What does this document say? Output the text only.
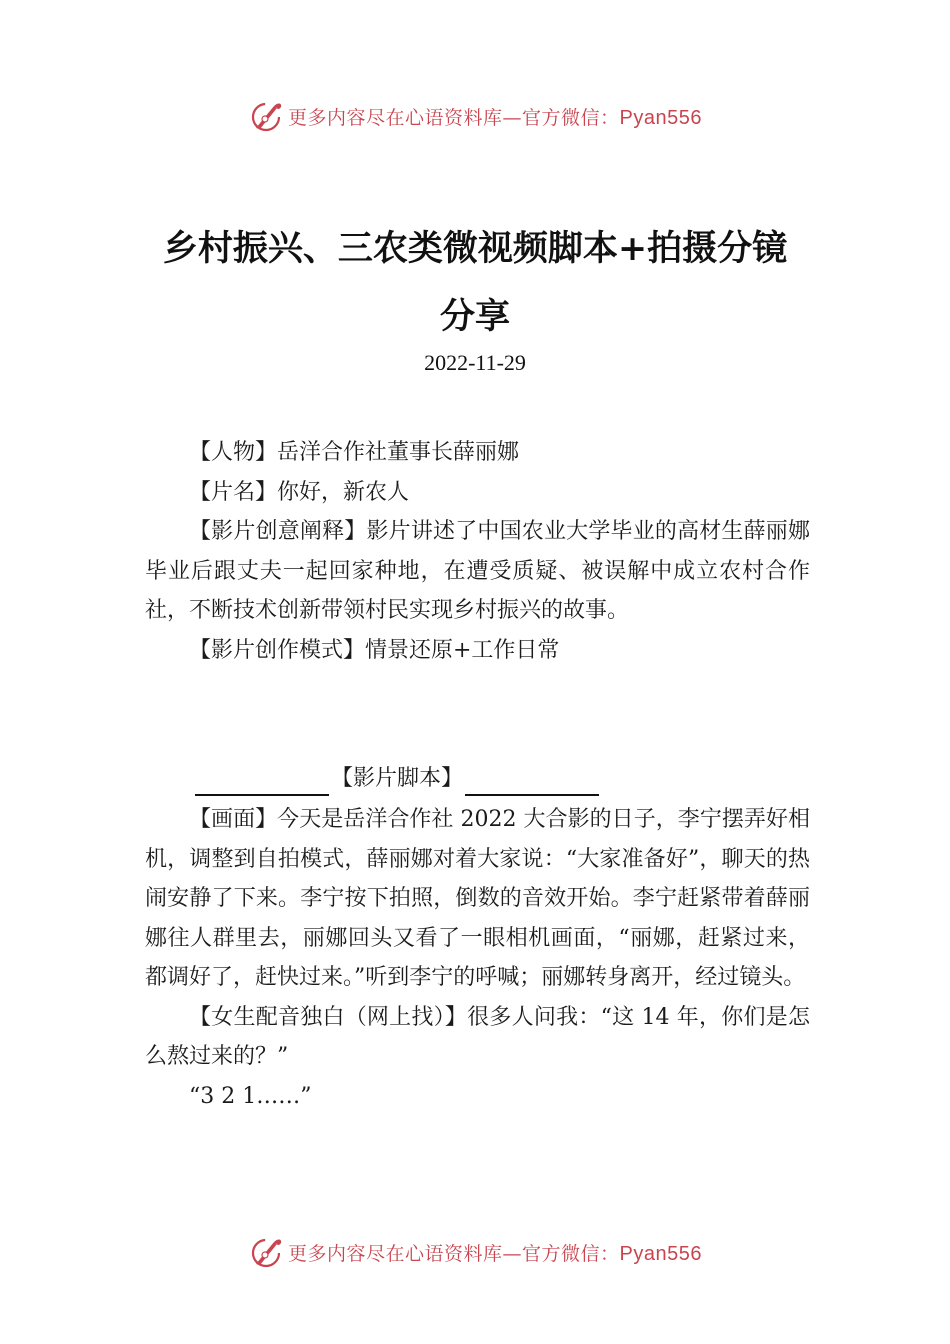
更多内容尽在心语资料库—官方微信：Pyan556
乡村振兴、三农类微视频脚本+拍摄分镜分享
2022-11-29

【人物】岳洋合作社董事长薛丽娜

【片名】你好，新农人

【影片创意阐释】影片讲述了中国农业大学毕业的高材生薛丽娜毕业后跟丈夫一起回家种地，在遭受质疑、被误解中成立农村合作社，不断技术创新带领村民实现乡村振兴的故事。

【影片创作模式】情景还原+工作日常

【影片脚本】

【画面】今天是岳洋合作社 2022 大合影的日子，李宁摆弄好相机，调整到自拍模式，薛丽娜对着大家说：“大家准备好”，聊天的热闹安静了下来。李宁按下拍照，倒数的音效开始。李宁赶紧带着薛丽娜往人群里去，丽娜回头又看了一眼相机画面，“丽娜，赶紧过来，都调好了，赶快过来。”听到李宁的呼喊；丽娜转身离开，经过镜头。

【女生配音独白（网上找）】很多人问我：“这 14 年，你们是怎么熬过来的？”

“3 2 1……”

更多内容尽在心语资料库—官方微信：Pyan556
